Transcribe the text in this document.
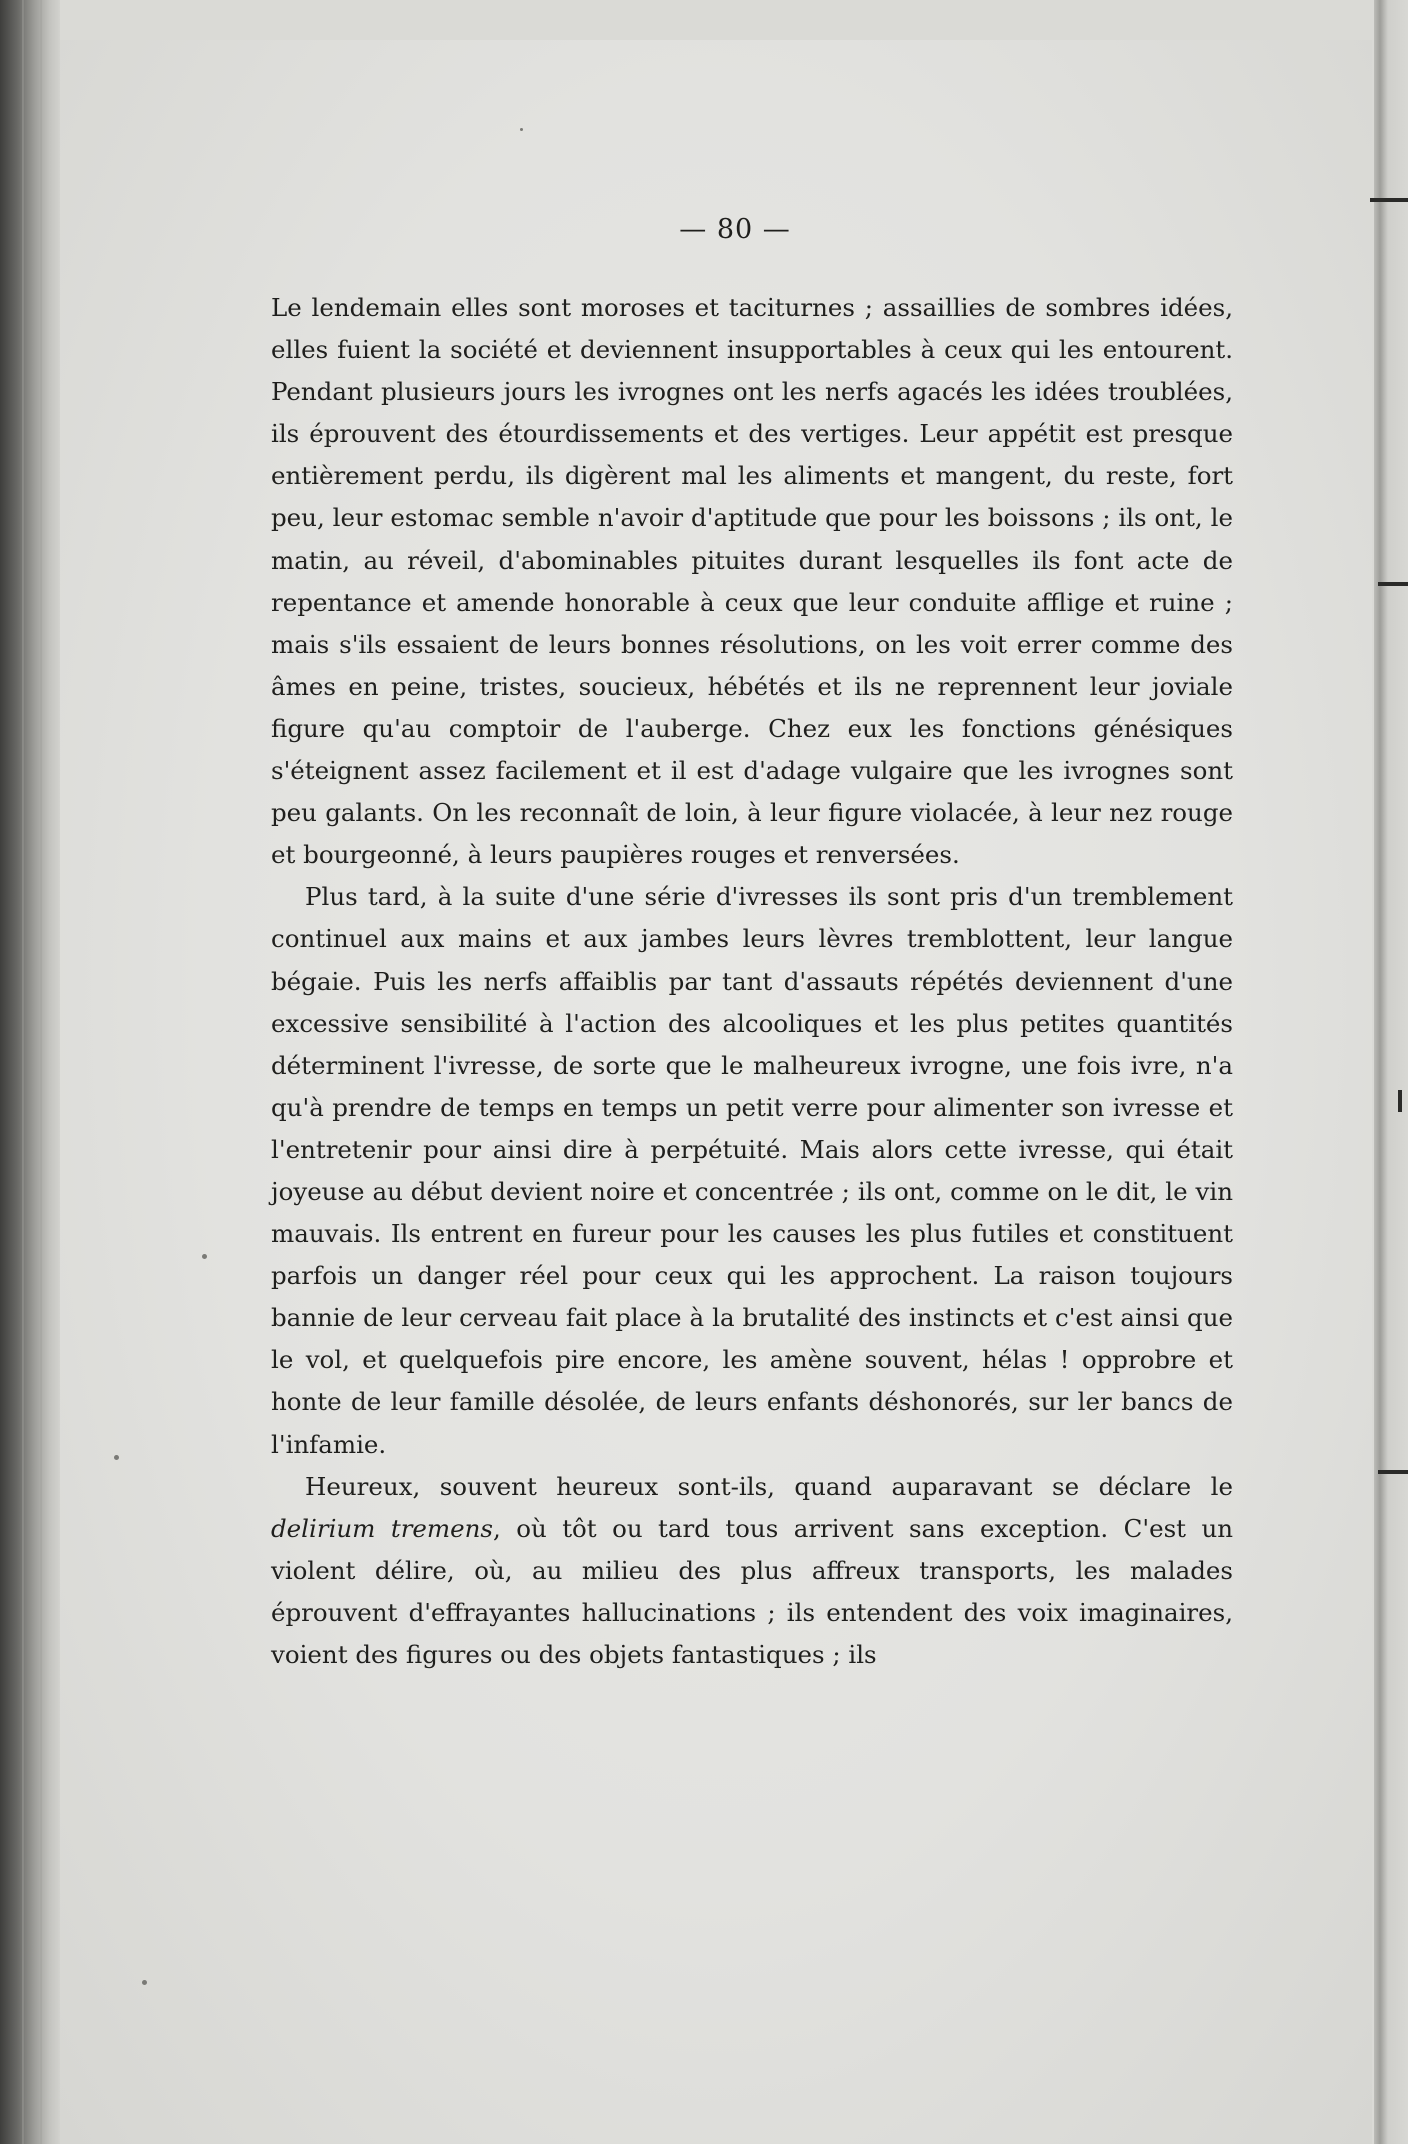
— 80 —

Le lendemain elles sont moroses et taciturnes ; assaillies de sombres idées, elles fuient la société et deviennent insupportables à ceux qui les entourent. Pendant plusieurs jours les ivrognes ont les nerfs agacés les idées troublées, ils éprouvent des étourdissements et des vertiges. Leur appétit est presque entièrement perdu, ils digèrent mal les aliments et mangent, du reste, fort peu, leur estomac semble n'avoir d'aptitude que pour les boissons ; ils ont, le matin, au réveil, d'abominables pituites durant lesquelles ils font acte de repentance et amende honorable à ceux que leur conduite afflige et ruine ; mais s'ils essaient de leurs bonnes résolutions, on les voit errer comme des âmes en peine, tristes, soucieux, hébétés et ils ne reprennent leur joviale figure qu'au comptoir de l'auberge. Chez eux les fonctions génésiques s'éteignent assez facilement et il est d'adage vulgaire que les ivrognes sont peu galants. On les reconnaît de loin, à leur figure violacée, à leur nez rouge et bourgeonné, à leurs paupières rouges et renversées.

Plus tard, à la suite d'une série d'ivresses ils sont pris d'un tremblement continuel aux mains et aux jambes leurs lèvres tremblottent, leur langue bégaie. Puis les nerfs affaiblis par tant d'assauts répétés deviennent d'une excessive sensibilité à l'action des alcooliques et les plus petites quantités déterminent l'ivresse, de sorte que le malheureux ivrogne, une fois ivre, n'a qu'à prendre de temps en temps un petit verre pour alimenter son ivresse et l'entretenir pour ainsi dire à perpétuité. Mais alors cette ivresse, qui était joyeuse au début devient noire et concentrée ; ils ont, comme on le dit, le vin mauvais. Ils entrent en fureur pour les causes les plus futiles et constituent parfois un danger réel pour ceux qui les approchent. La raison toujours bannie de leur cerveau fait place à la brutalité des instincts et c'est ainsi que le vol, et quelquefois pire encore, les amène souvent, hélas ! opprobre et honte de leur famille désolée, de leurs enfants déshonorés, sur ler bancs de l'infamie.

Heureux, souvent heureux sont-ils, quand auparavant se déclare le delirium tremens, où tôt ou tard tous arrivent sans exception. C'est un violent délire, où, au milieu des plus affreux transports, les malades éprouvent d'effrayantes hallucinations ; ils entendent des voix imaginaires, voient des figures ou des objets fantastiques ; ils
